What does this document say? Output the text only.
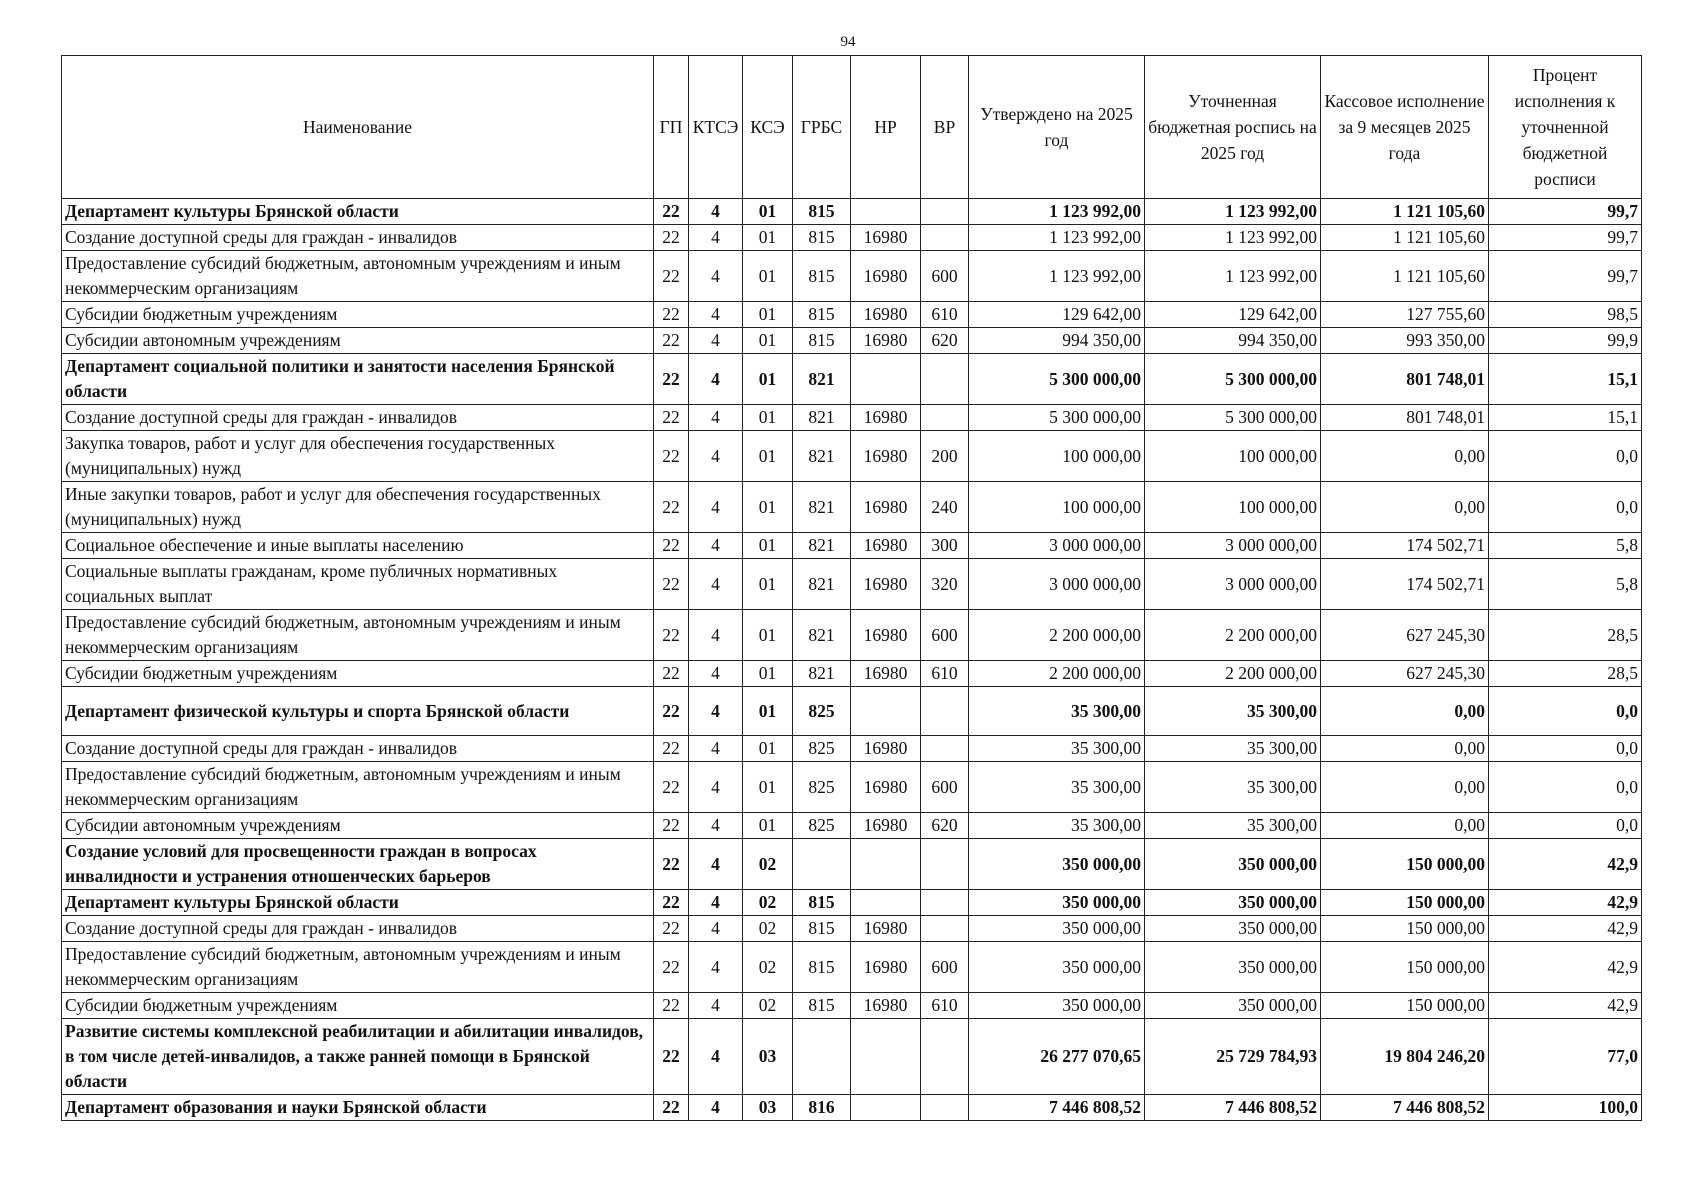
94
Наименование	ГП	КТСЭ	КСЭ	ГРБС	НР	ВР	Утверждено на 2025 год	Уточненная бюджетная роспись на 2025 год	Кассовое исполнение за 9 месяцев 2025 года	Процент исполнения к уточненной бюджетной росписи
Департамент культуры Брянской области	22	4	01	815			1 123 992,00	1 123 992,00	1 121 105,60	99,7
Создание доступной среды для граждан - инвалидов	22	4	01	815	16980		1 123 992,00	1 123 992,00	1 121 105,60	99,7
Предоставление субсидий бюджетным, автономным учреждениям и иным некоммерческим организациям	22	4	01	815	16980	600	1 123 992,00	1 123 992,00	1 121 105,60	99,7
Субсидии бюджетным учреждениям	22	4	01	815	16980	610	129 642,00	129 642,00	127 755,60	98,5
Субсидии автономным учреждениям	22	4	01	815	16980	620	994 350,00	994 350,00	993 350,00	99,9
Департамент социальной политики и занятости населения Брянской области	22	4	01	821			5 300 000,00	5 300 000,00	801 748,01	15,1
Создание доступной среды для граждан - инвалидов	22	4	01	821	16980		5 300 000,00	5 300 000,00	801 748,01	15,1
Закупка товаров, работ и услуг для обеспечения государственных (муниципальных) нужд	22	4	01	821	16980	200	100 000,00	100 000,00	0,00	0,0
Иные закупки товаров, работ и услуг для обеспечения государственных (муниципальных) нужд	22	4	01	821	16980	240	100 000,00	100 000,00	0,00	0,0
Социальное обеспечение и иные выплаты населению	22	4	01	821	16980	300	3 000 000,00	3 000 000,00	174 502,71	5,8
Социальные выплаты гражданам, кроме публичных нормативных социальных выплат	22	4	01	821	16980	320	3 000 000,00	3 000 000,00	174 502,71	5,8
Предоставление субсидий бюджетным, автономным учреждениям и иным некоммерческим организациям	22	4	01	821	16980	600	2 200 000,00	2 200 000,00	627 245,30	28,5
Субсидии бюджетным учреждениям	22	4	01	821	16980	610	2 200 000,00	2 200 000,00	627 245,30	28,5
Департамент физической культуры и спорта Брянской области	22	4	01	825			35 300,00	35 300,00	0,00	0,0
Создание доступной среды для граждан - инвалидов	22	4	01	825	16980		35 300,00	35 300,00	0,00	0,0
Предоставление субсидий бюджетным, автономным учреждениям и иным некоммерческим организациям	22	4	01	825	16980	600	35 300,00	35 300,00	0,00	0,0
Субсидии автономным учреждениям	22	4	01	825	16980	620	35 300,00	35 300,00	0,00	0,0
Создание условий для просвещенности граждан в вопросах инвалидности и устранения отношенческих барьеров	22	4	02				350 000,00	350 000,00	150 000,00	42,9
Департамент культуры Брянской области	22	4	02	815			350 000,00	350 000,00	150 000,00	42,9
Создание доступной среды для граждан - инвалидов	22	4	02	815	16980		350 000,00	350 000,00	150 000,00	42,9
Предоставление субсидий бюджетным, автономным учреждениям и иным некоммерческим организациям	22	4	02	815	16980	600	350 000,00	350 000,00	150 000,00	42,9
Субсидии бюджетным учреждениям	22	4	02	815	16980	610	350 000,00	350 000,00	150 000,00	42,9
Развитие системы комплексной реабилитации и абилитации инвалидов, в том числе детей-инвалидов, а также ранней помощи в Брянской области	22	4	03				26 277 070,65	25 729 784,93	19 804 246,20	77,0
Департамент образования и науки Брянской области	22	4	03	816			7 446 808,52	7 446 808,52	7 446 808,52	100,0
